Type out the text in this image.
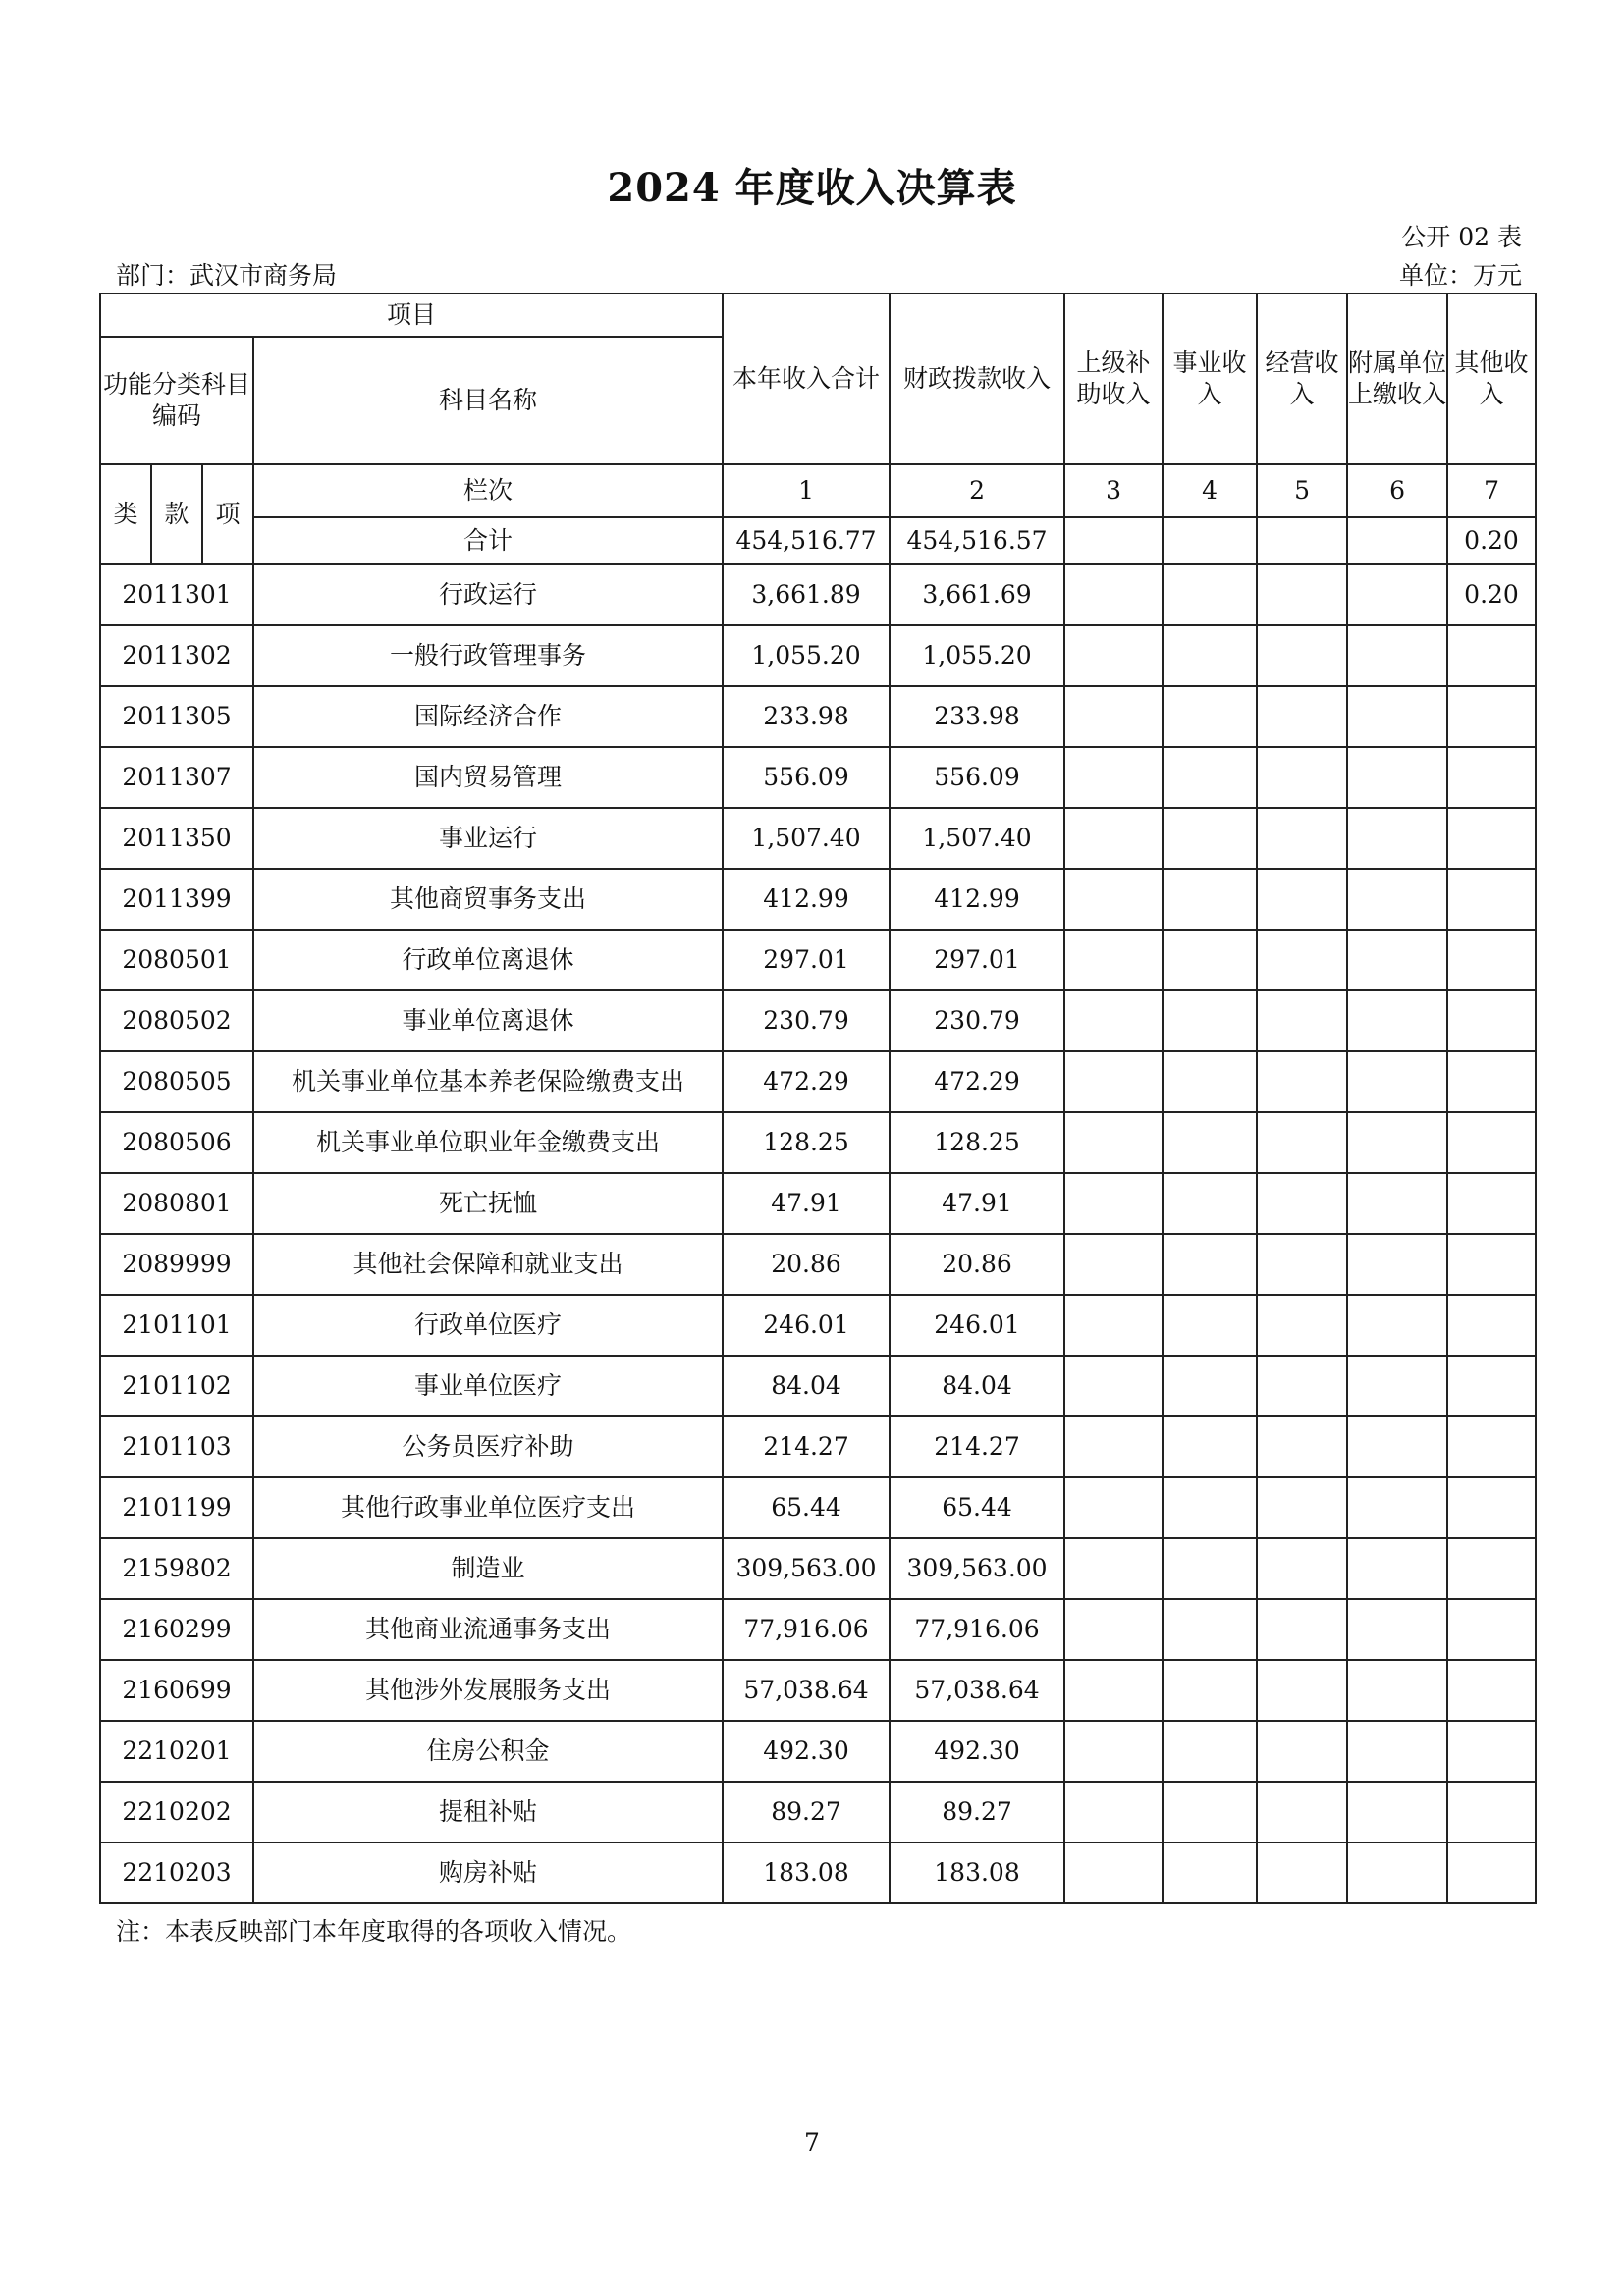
2024 年度收入决算表
公开 02 表
部门：武汉市商务局	单位：万元
项目				本年收入合计	财政拨款收入	上级补助收入	事业收入	经营收入	附属单位上缴收入	其他收入
功能分类科目编码			科目名称							
类	款	项	栏次	1	2	3	4	5	6	7
			合计	454,516.77	454,516.57					0.20
2011301			行政运行	3,661.89	3,661.69					0.20
2011302			一般行政管理事务	1,055.20	1,055.20					
2011305			国际经济合作	233.98	233.98					
2011307			国内贸易管理	556.09	556.09					
2011350			事业运行	1,507.40	1,507.40					
2011399			其他商贸事务支出	412.99	412.99					
2080501			行政单位离退休	297.01	297.01					
2080502			事业单位离退休	230.79	230.79					
2080505			机关事业单位基本养老保险缴费支出	472.29	472.29					
2080506			机关事业单位职业年金缴费支出	128.25	128.25					
2080801			死亡抚恤	47.91	47.91					
2089999			其他社会保障和就业支出	20.86	20.86					
2101101			行政单位医疗	246.01	246.01					
2101102			事业单位医疗	84.04	84.04					
2101103			公务员医疗补助	214.27	214.27					
2101199			其他行政事业单位医疗支出	65.44	65.44					
2159802			制造业	309,563.00	309,563.00					
2160299			其他商业流通事务支出	77,916.06	77,916.06					
2160699			其他涉外发展服务支出	57,038.64	57,038.64					
2210201			住房公积金	492.30	492.30					
2210202			提租补贴	89.27	89.27					
2210203			购房补贴	183.08	183.08					
注：本表反映部门本年度取得的各项收入情况。
7
